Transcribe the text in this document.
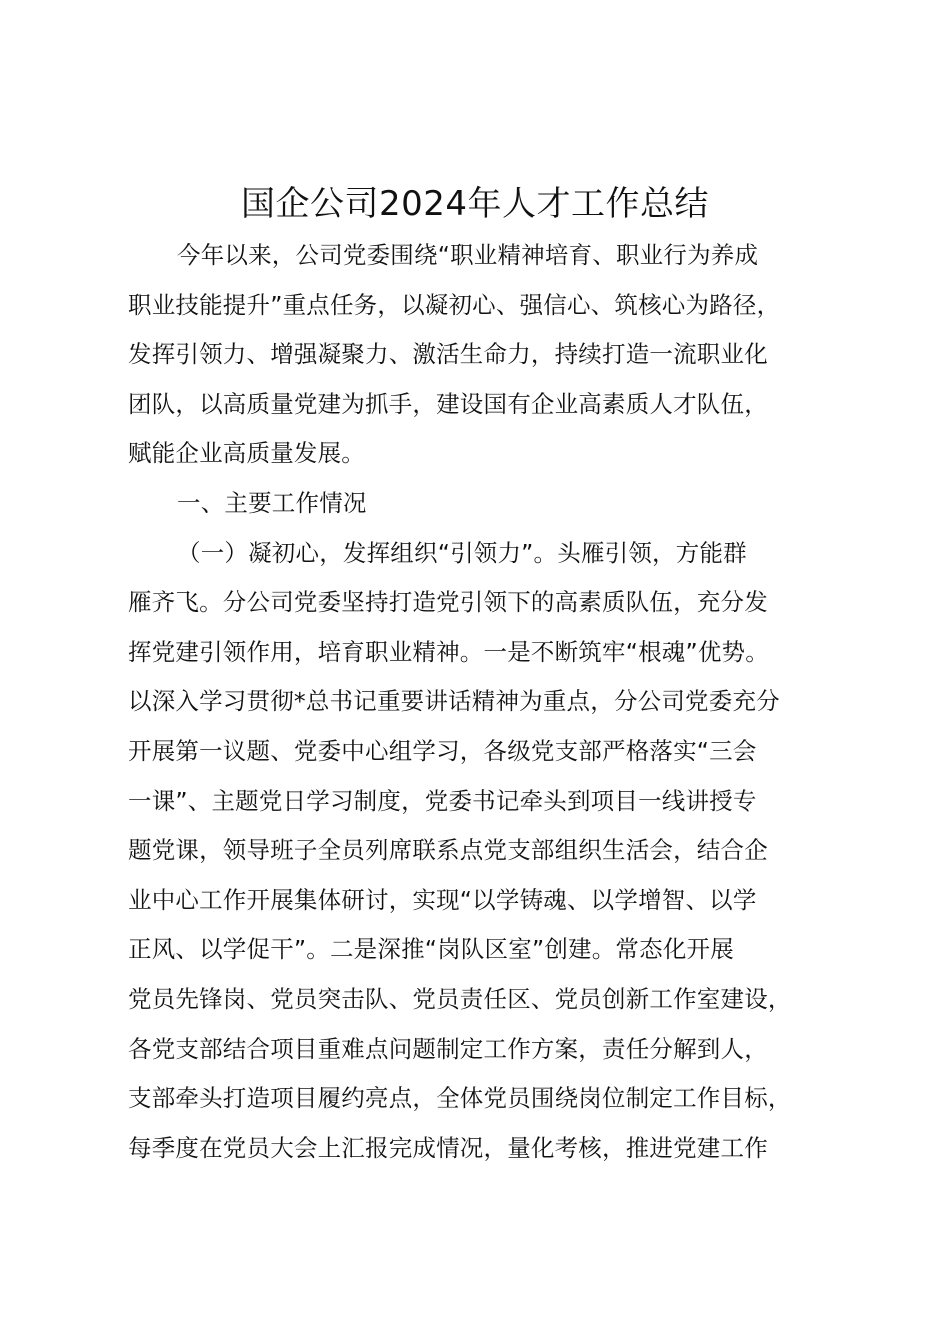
国企公司2024年人才工作总结
今年以来，公司党委围绕“职业精神培育、职业行为养成
职业技能提升”重点任务，以凝初心、强信心、筑核心为路径，
发挥引领力、增强凝聚力、激活生命力，持续打造一流职业化
团队，以高质量党建为抓手，建设国有企业高素质人才队伍，
赋能企业高质量发展。
一、主要工作情况
（一）凝初心，发挥组织“引领力”。头雁引领，方能群
雁齐飞。分公司党委坚持打造党引领下的高素质队伍，充分发
挥党建引领作用，培育职业精神。一是不断筑牢“根魂”优势。
以深入学习贯彻*总书记重要讲话精神为重点，分公司党委充分
开展第一议题、党委中心组学习，各级党支部严格落实“三会
一课”、主题党日学习制度，党委书记牵头到项目一线讲授专
题党课，领导班子全员列席联系点党支部组织生活会，结合企
业中心工作开展集体研讨，实现“以学铸魂、以学增智、以学
正风、以学促干”。二是深推“岗队区室”创建。常态化开展
党员先锋岗、党员突击队、党员责任区、党员创新工作室建设，
各党支部结合项目重难点问题制定工作方案，责任分解到人，
支部牵头打造项目履约亮点，全体党员围绕岗位制定工作目标，
每季度在党员大会上汇报完成情况，量化考核，推进党建工作
